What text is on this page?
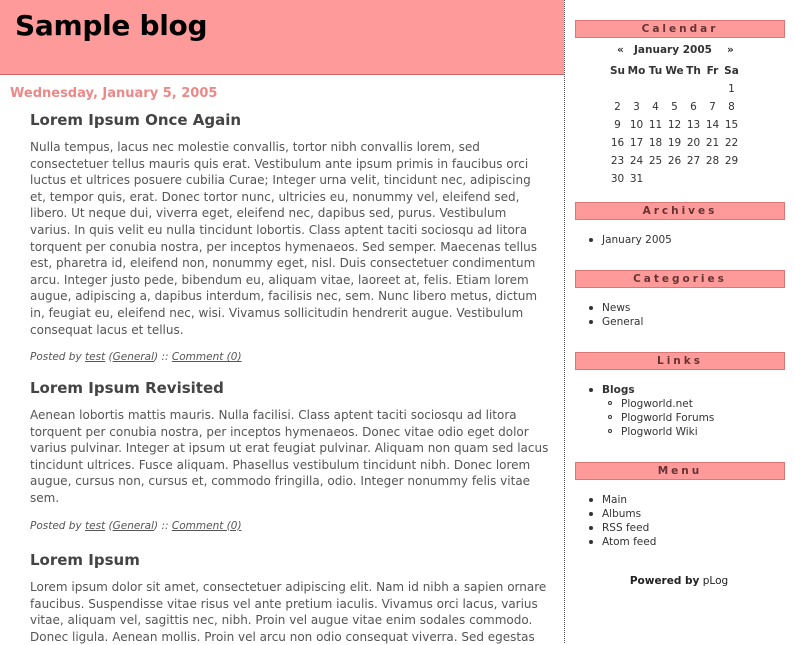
Sample blog
Wednesday, January 5, 2005
Lorem Ipsum Once Again

Nulla tempus, lacus nec molestie convallis, tortor nibh convallis lorem, sed consectetuer tellus mauris quis erat. Vestibulum ante ipsum primis in faucibus orci luctus et ultrices posuere cubilia Curae; Integer urna velit, tincidunt nec, adipiscing et, tempor quis, erat. Donec tortor nunc, ultricies eu, nonummy vel, eleifend sed, libero. Ut neque dui, viverra eget, eleifend nec, dapibus sed, purus. Vestibulum varius. In quis velit eu nulla tincidunt lobortis. Class aptent taciti sociosqu ad litora torquent per conubia nostra, per inceptos hymenaeos. Sed semper. Maecenas tellus est, pharetra id, eleifend non, nonummy eget, nisl. Duis consectetuer condimentum arcu. Integer justo pede, bibendum eu, aliquam vitae, laoreet at, felis. Etiam lorem augue, adipiscing a, dapibus interdum, facilisis nec, sem. Nunc libero metus, dictum in, feugiat eu, eleifend nec, wisi. Vivamus sollicitudin hendrerit augue. Vestibulum consequat lacus et tellus.

Posted by test (General) :: Comment (0)
Lorem Ipsum Revisited

Aenean lobortis mattis mauris. Nulla facilisi. Class aptent taciti sociosqu ad litora torquent per conubia nostra, per inceptos hymenaeos. Donec vitae odio eget dolor varius pulvinar. Integer at ipsum ut erat feugiat pulvinar. Aliquam non quam sed lacus tincidunt ultrices. Fusce aliquam. Phasellus vestibulum tincidunt nibh. Donec lorem augue, cursus non, cursus et, commodo fringilla, odio. Integer nonummy felis vitae sem.

Posted by test (General) :: Comment (0)
Lorem Ipsum

Lorem ipsum dolor sit amet, consectetuer adipiscing elit. Nam id nibh a sapien ornare faucibus. Suspendisse vitae risus vel ante pretium iaculis. Vivamus orci lacus, varius vitae, aliquam vel, sagittis nec, nibh. Proin vel augue vitae enim sodales commodo. Donec ligula. Aenean mollis. Proin vel arcu non odio consequat viverra. Sed egestas

Calendar
« January 2005 »
Su	Mo	Tu	We	Th	Fr	Sa
						1
2	3	4	5	6	7	8
9	10	11	12	13	14	15
16	17	18	19	20	21	22
23	24	25	26	27	28	29
30	31					
Archives
January 2005
Categories
News
General
Links
Blogs
Plogworld.net
Plogworld Forums
Plogworld Wiki
Menu
Main
Albums
RSS feed
Atom feed
Powered by pLog
